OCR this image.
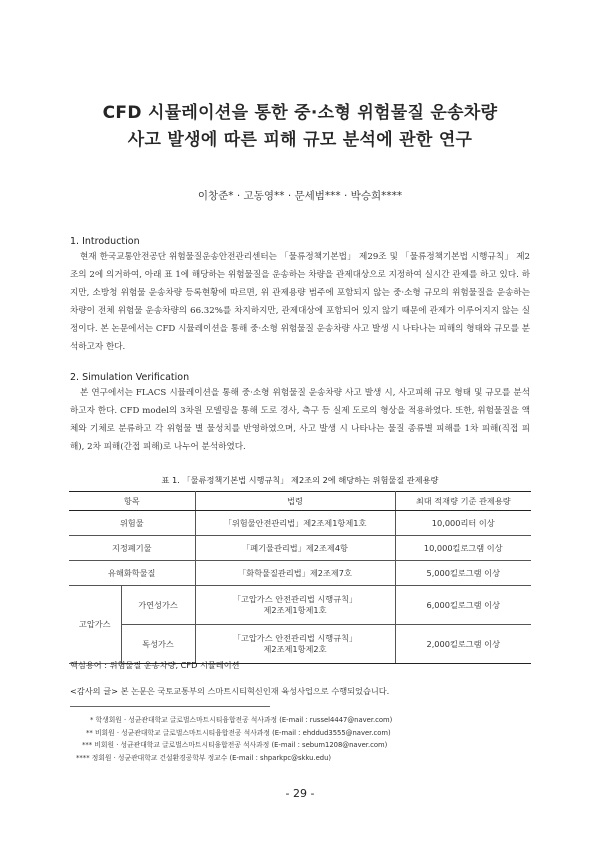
CFD 시뮬레이션을 통한 중·소형 위험물질 운송차량
사고 발생에 따른 피해 규모 분석에 관한 연구
이창준* · 고동영** · 문세범*** · 박승희****
1. Introduction

현재 한국교통안전공단 위험물질운송안전관리센터는 「물류정책기본법」 제29조 및 「물류정책기본법 시행규칙」 제2조의 2에 의거하여, 아래 표 1에 해당하는 위험물질을 운송하는 차량을 관제대상으로 지정하여 실시간 관제를 하고 있다. 하지만, 소방청 위험물 운송차량 등록현황에 따르면, 위 관제용량 범주에 포함되지 않는 중·소형 규모의 위험물질을 운송하는 차량이 전체 위험물 운송차량의 66.32%를 차지하지만, 관제대상에 포함되어 있지 않기 때문에 관제가 이루어지지 않는 실정이다. 본 논문에서는 CFD 시뮬레이션을 통해 중·소형 위험물질 운송차량 사고 발생 시 나타나는 피해의 형태와 규모를 분석하고자 한다.

2. Simulation Verification

본 연구에서는 FLACS 시뮬레이션을 통해 중·소형 위험물질 운송차량 사고 발생 시, 사고피해 규모 형태 및 규모를 분석하고자 한다. CFD model의 3차원 모델링을 통해 도로 경사, 측구 등 실제 도로의 형상을 적용하였다. 또한, 위험물질을 액체와 기체로 분류하고 각 위험물 별 물성치를 반영하였으며, 사고 발생 시 나타나는 물질 종류별 피해를 1차 피해(직접 피해), 2차 피해(간접 피해)로 나누어 분석하였다.

표 1. 「물류정책기본법 시행규칙」 제2조의 2에 해당하는 위험물질 관제용량
항목		법령	최대 적재량 기준 관제용량
위험물		「위험물안전관리법」제2조제1항제1호	10,000리터 이상
지정폐기물		「폐기물관리법」제2조제4항	10,000킬로그램 이상
유해화학물질		「화학물질관리법」제2조제7호	5,000킬로그램 이상
고압가스	가연성가스	「고압가스 안전관리법 시행규칙」
제2조제1항제1호	6,000킬로그램 이상
	독성가스	「고압가스 안전관리법 시행규칙」
제2조제1항제2호	2,000킬로그램 이상
핵심용어 : 위험물질 운송차량, CFD 시뮬레이션
<감사의 글> 본 논문은 국토교통부의 스마트시티혁신인재 육성사업으로 수행되었습니다.
* 학생회원 · 성균관대학교 글로벌스마트시티융합전공 석사과정 (E-mail : russel4447@naver.com)
** 비회원 · 성균관대학교 글로벌스마트시티융합전공 석사과정 (E-mail : ehddud3555@naver.com)
*** 비회원 · 성균관대학교 글로벌스마트시티융합전공 석사과정 (E-mail : sebum1208@naver.com)
**** 정회원 · 성균관대학교 건설환경공학부 정교수 (E-mail : shparkpc@skku.edu)
- 29 -
